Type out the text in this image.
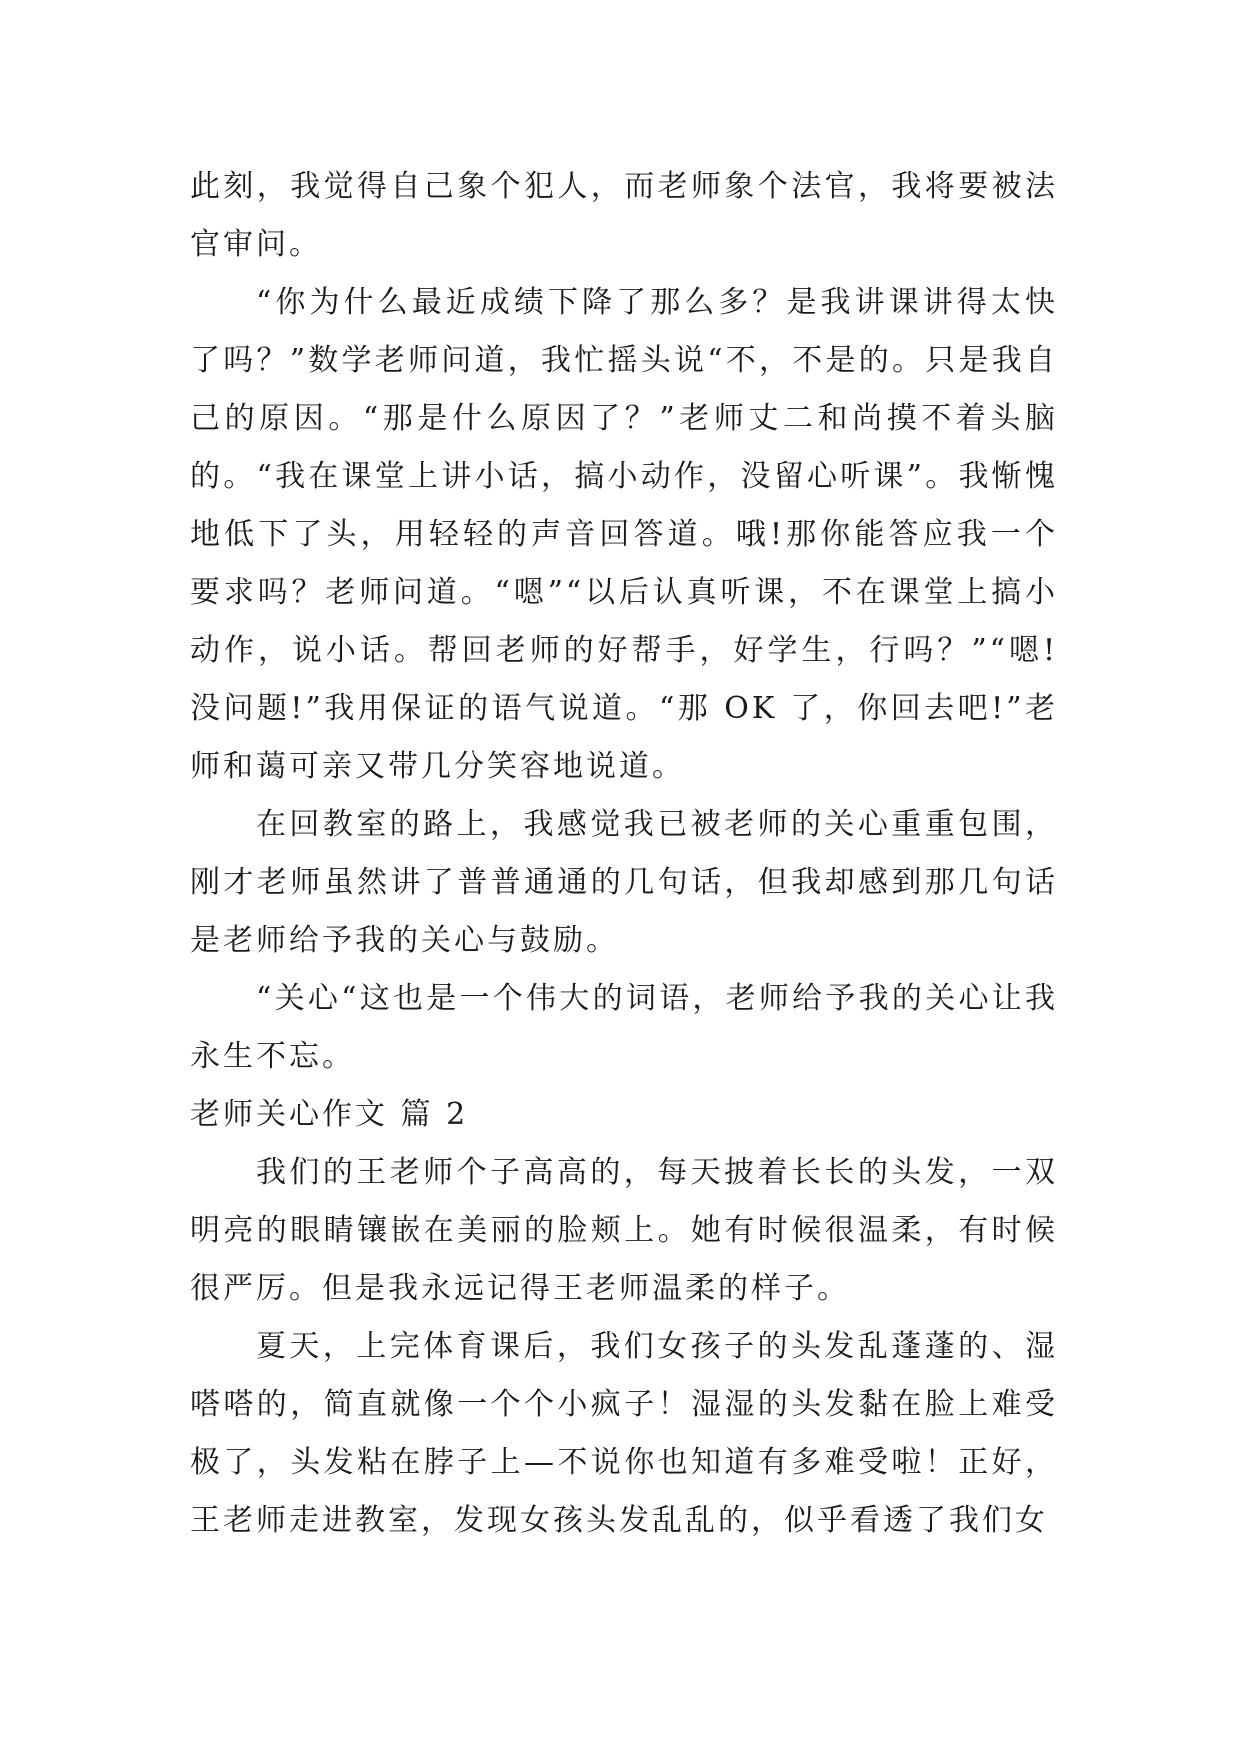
此刻，我觉得自己象个犯人，而老师象个法官，我将要被法官审问。

“你为什么最近成绩下降了那么多？是我讲课讲得太快了吗？”数学老师问道，我忙摇头说“不，不是的。只是我自己的原因。“那是什么原因了？”老师丈二和尚摸不着头脑的。“我在课堂上讲小话，搞小动作，没留心听课”。我惭愧地低下了头，用轻轻的声音回答道。哦!那你能答应我一个要求吗？老师问道。“嗯”“以后认真听课，不在课堂上搞小动作，说小话。帮回老师的好帮手，好学生，行吗？”“嗯!没问题!”我用保证的语气说道。“那 OK 了，你回去吧!”老师和蔼可亲又带几分笑容地说道。

在回教室的路上，我感觉我已被老师的关心重重包围，刚才老师虽然讲了普普通通的几句话，但我却感到那几句话是老师给予我的关心与鼓励。

“关心“这也是一个伟大的词语，老师给予我的关心让我永生不忘。

老师关心作文 篇 2

我们的王老师个子高高的，每天披着长长的头发，一双明亮的眼睛镶嵌在美丽的脸颊上。她有时候很温柔，有时候很严厉。但是我永远记得王老师温柔的样子。

夏天，上完体育课后，我们女孩子的头发乱蓬蓬的、湿嗒嗒的，简直就像一个个小疯子！湿湿的头发黏在脸上难受极了，头发粘在脖子上—不说你也知道有多难受啦！正好，王老师走进教室，发现女孩头发乱乱的，似乎看透了我们女
